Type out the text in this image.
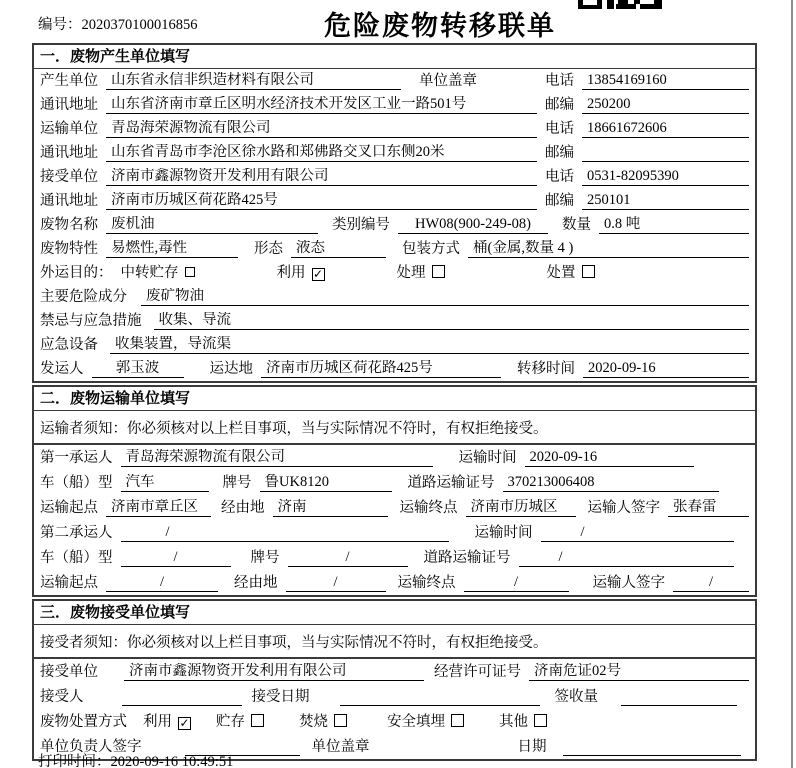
编号：2020370100016856	危险废物转移联单
一．废物产生单位填写
产生单位 山东省永信非织造材料有限公司	单位盖章	电话 13854169160
通讯地址 山东省济南市章丘区明水经济技术开发区工业一路501号	邮编 250200
运输单位 青岛海荣源物流有限公司	电话 18661672606
通讯地址 山东省青岛市李沧区徐水路和郑佛路交叉口东侧20米	邮编
接受单位 济南市鑫源物资开发利用有限公司	电话 0531-82095390
通讯地址 济南市历城区荷花路425号	邮编 250101
废物名称 废机油	类别编号	HW08(900-249-08)	数量 0.8 吨
废物特性 易燃性,毒性	形态 液态	包装方式 桶(金属,数量 4 )
外运目的： 中转贮存	利用 ✓	处理	处置
主要危险成分	废矿物油
禁忌与应急措施	收集、导流
应急设备	收集装置，导流渠
发运人	郭玉波	运达地 济南市历城区荷花路425号	转移时间 2020-09-16
二．废物运输单位填写
运输者须知：你必须核对以上栏目事项，当与实际情况不符时，有权拒绝接受。
第一承运人 青岛海荣源物流有限公司	运输时间 2020-09-16
车（船）型 汽车	牌号 鲁UK8120	道路运输证号 370213006408
运输起点 济南市章丘区	经由地 济南	运输终点 济南市历城区	运输人签字 张春雷
第二承运人	/	运输时间	/
车（船）型	/	牌号	/	道路运输证号	/
运输起点	/	经由地	/	运输终点	/	运输人签字	/
三．废物接受单位填写
接受者须知：你必须核对以上栏目事项，当与实际情况不符时，有权拒绝接受。
接受单位	济南市鑫源物资开发利用有限公司	经营许可证号 济南危证02号
接受人	接受日期	签收量
废物处置方式 利用 ✓ 贮存	焚烧	安全填埋	其他
单位负责人签字	单位盖章	日期
打印时间：2020-09-16 10:49:51
